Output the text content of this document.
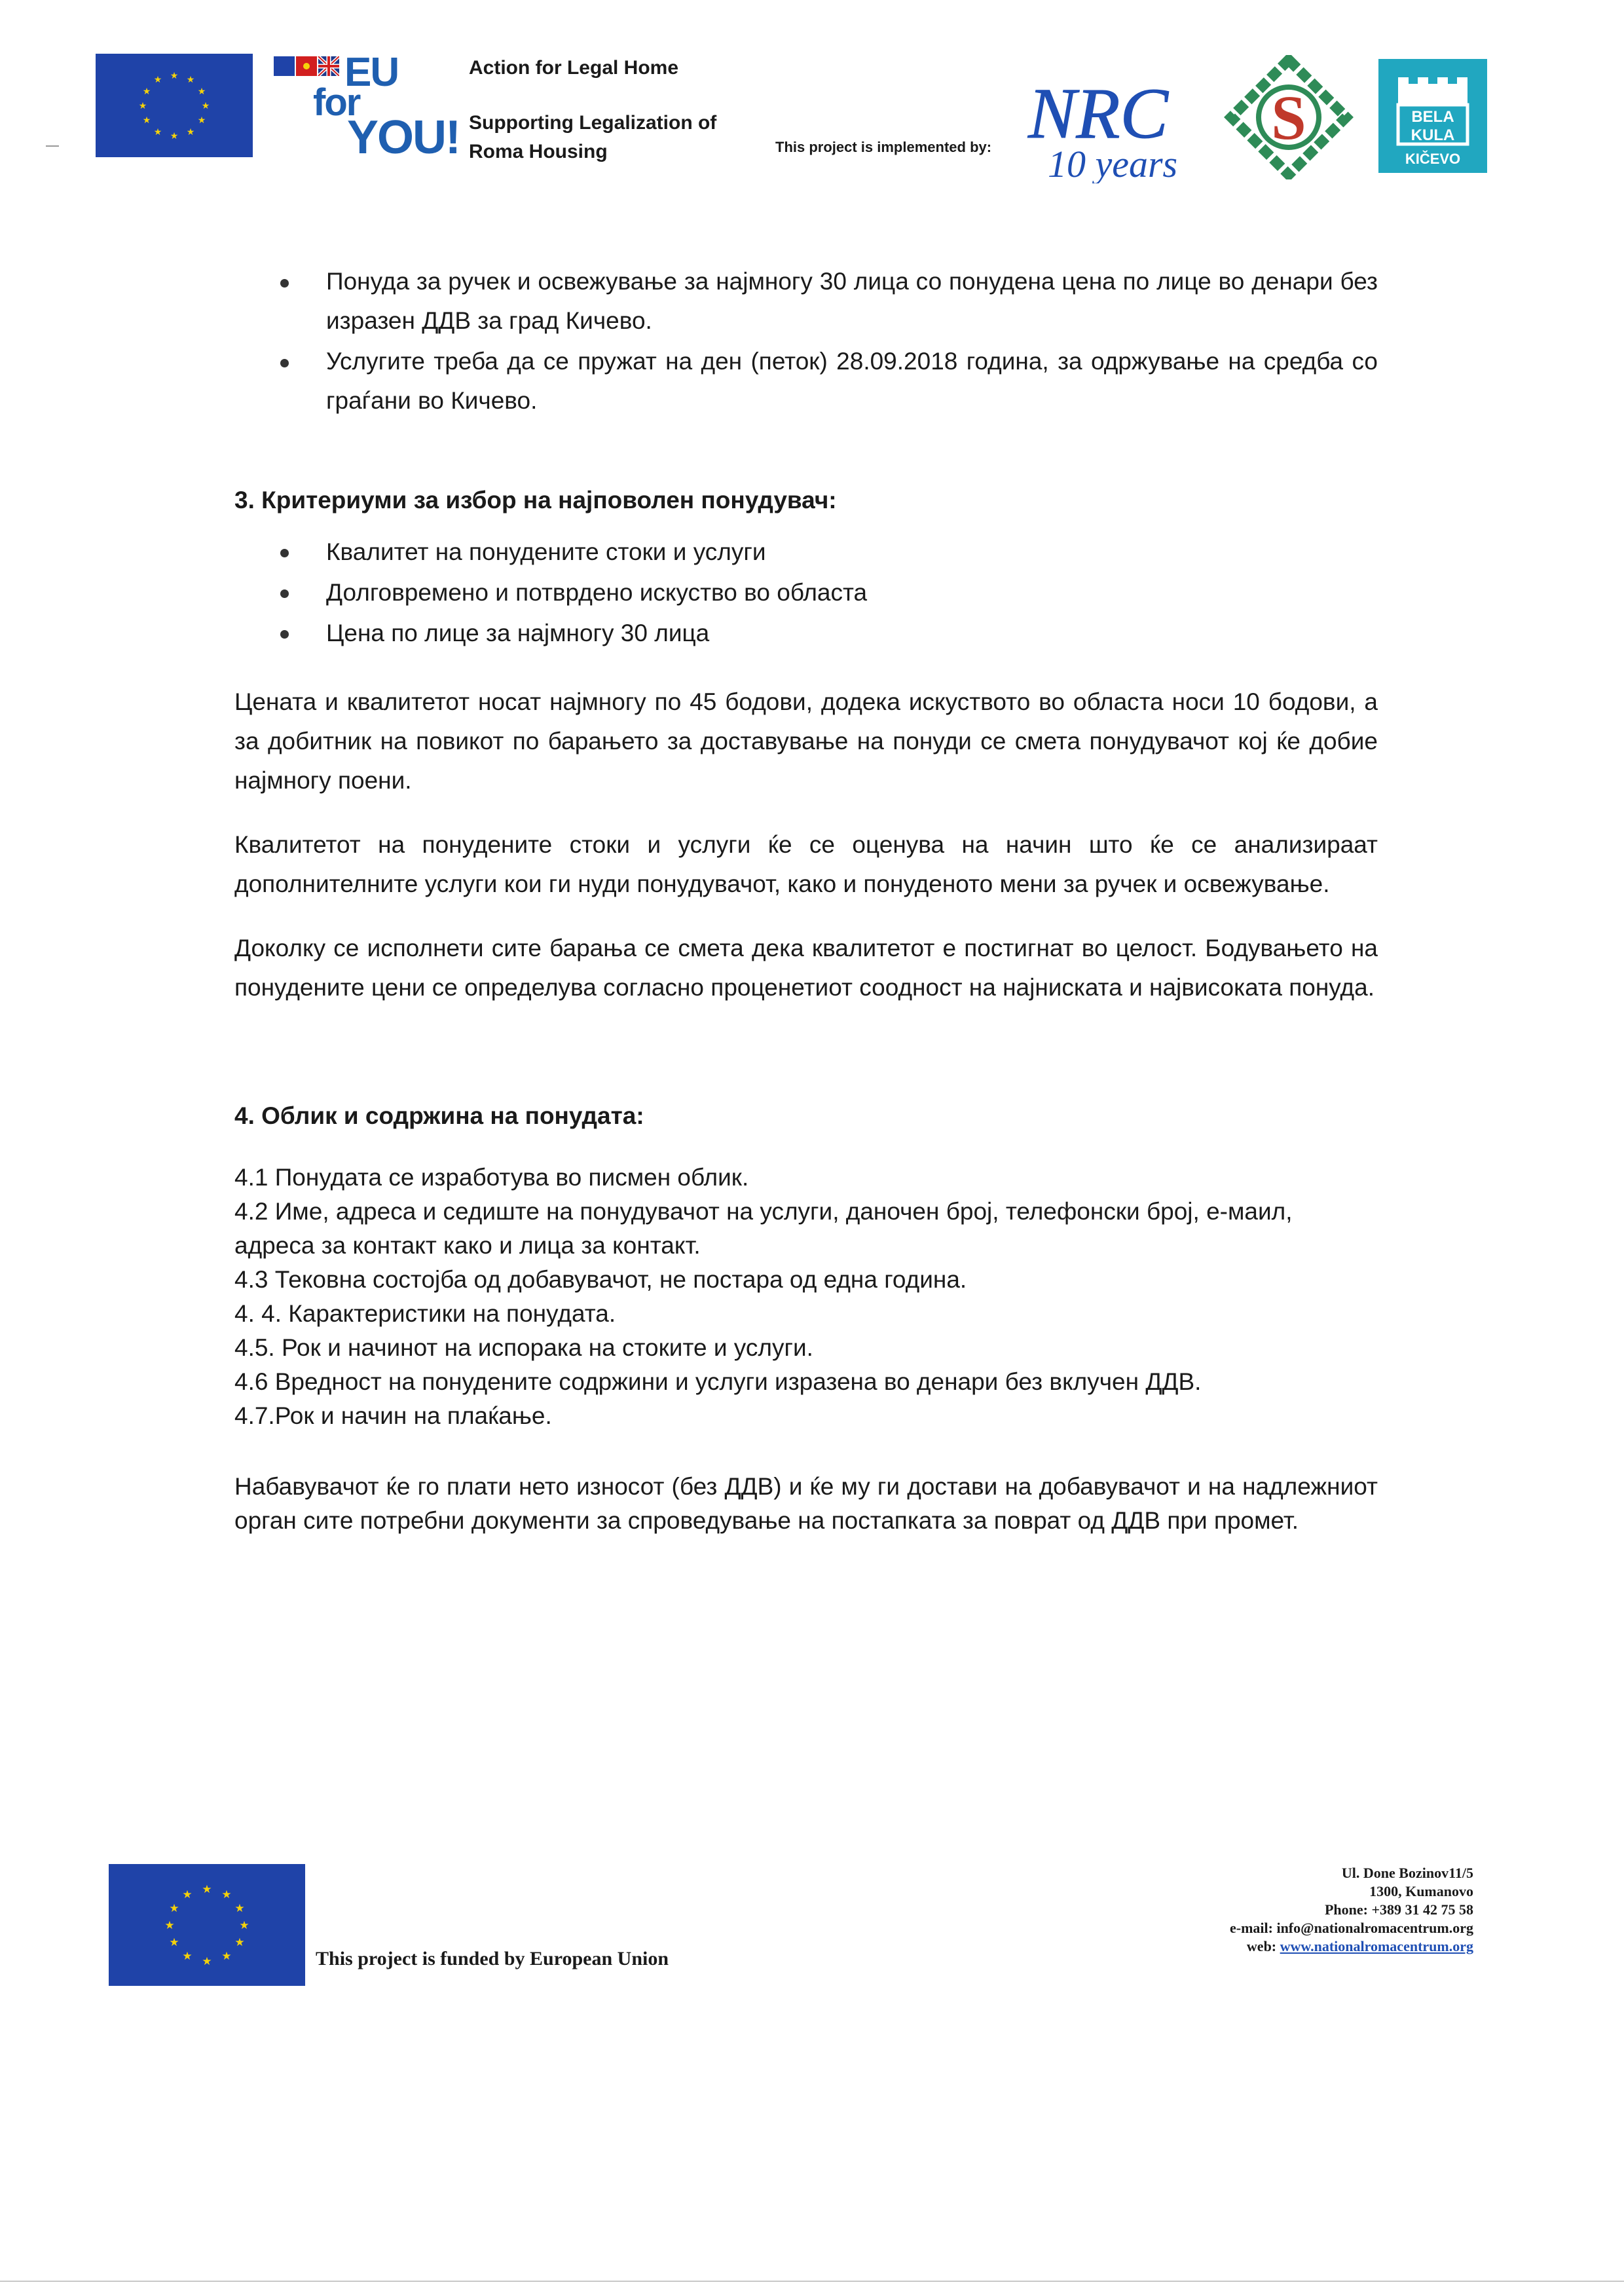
★ ★
★
★
★
★
★
★
★
★
★
★	EU
for
YOU!
Action for Legal Home
Supporting Legalization of
Roma Housing	This project is implemented by: NRC
10 years
S	BELA
KULA
KIČEVO
Понуда за ручек и освежување за најмногу 30 лица со понудена цена по лице во денари без изразен ДДВ за град Кичево.
Услугите треба да се пружат на ден (петок) 28.09.2018 година, за одржување на средба со граѓани во Кичево.
3. Критериуми за избор на најповолен понудувач:
Квалитет на понудените стоки и услуги
Долговремено и потврдено искуство во областа
Цена по лице за најмногу 30 лица
Цената и квалитетот носат најмногу по 45 бодови, додека искуството во областа носи 10 бодови, а за добитник на повикот по барањето за доставување на понуди се смета понудувачот кој ќе добие најмногу поени.
Квалитетот на понудените стоки и услуги ќе се оценува на начин што ќе се анализираат дополнителните услуги кои ги нуди понудувачот, како и понуденото мени за ручек и освежување.
Доколку се исполнети сите барања се смета дека квалитетот е постигнат во целост. Бодувањето на понудените цени се определува согласно проценетиот соодност на најниската и највисоката понуда.
4. Облик и содржина на понудата:
4.1 Понудата се изработува во писмен облик.
4.2 Име, адреса и седиште на понудувачот на услуги, даночен број, телефонски број, е-маил, адреса за контакт како и лица за контакт.
4.3 Тековна состојба од добавувачот, не постара од една година.
4. 4. Карактеристики на понудата.
4.5. Рок и начинот на испорака на стоките и услуги.
4.6 Вредност на понудените содржини и услуги изразена во денари без вклучен ДДВ.
4.7.Рок и начин на плаќање.
Набавувачот ќе го плати нето износот (без ДДВ) и ќе му ги достави на добавувачот и на надлежниот орган сите потребни документи за спроведување на постапката за поврат од ДДВ при промет.
★ ★
★
★
★
★
★
★
★
★
★
★
This project is funded by European Union
Ul. Done Bozinov11/5
1300, Kumanovo
Phone: +389 31 42 75 58
e-mail: info@nationalromacentrum.org
web: www.nationalromacentrum.org
